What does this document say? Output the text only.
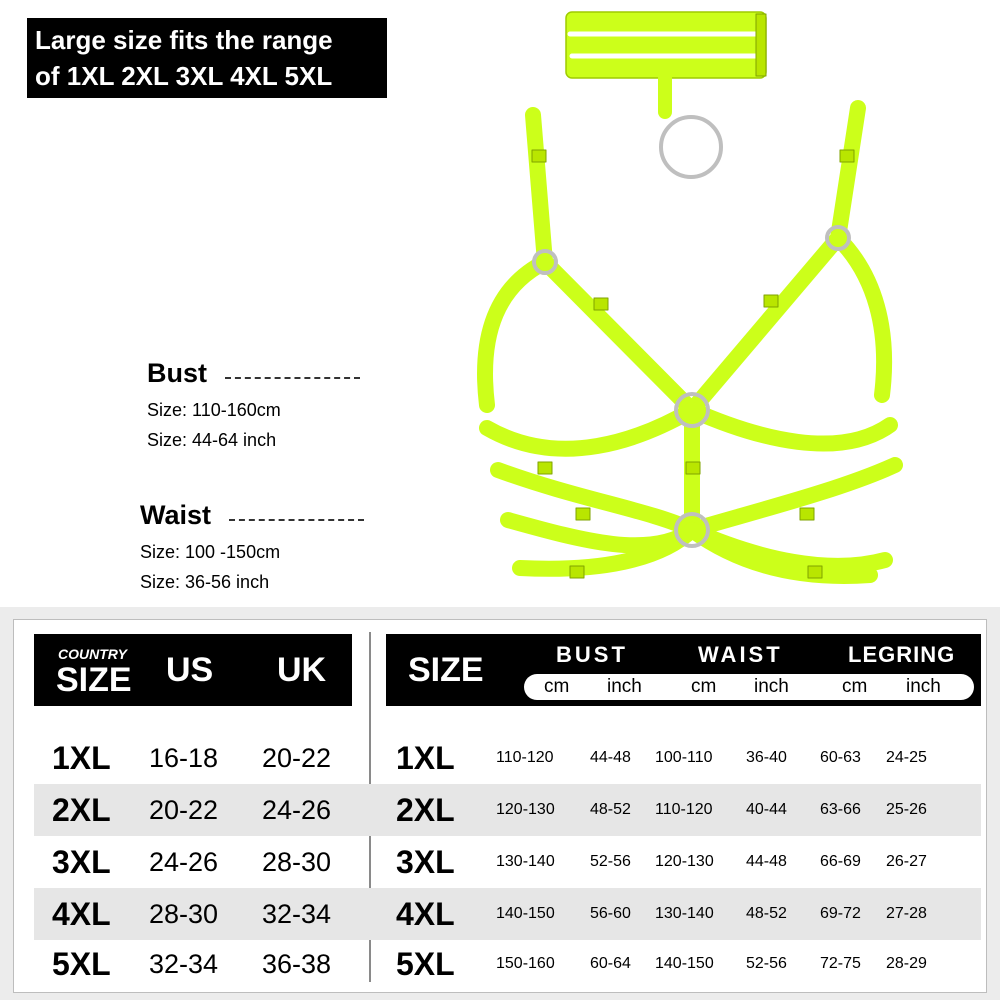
Large size fits the range
of 1XL 2XL 3XL 4XL 5XL
Bust
Size: 110-160cm
Size: 44-64 inch
Waist
Size: 100 -150cm
Size: 36-56 inch
COUNTRY
SIZE US UK SIZE	BUST	WAIST	LEGRING
cm inch	cm inch	cm inch
1XL 16-18 20-22 1XL	110-120 44-48 100-110 36-40 60-63 24-25
2XL 20-22 24-26 2XL	120-130 48-52 110-120 40-44 63-66 25-26
3XL 24-26 28-30 3XL	130-140 52-56 120-130 44-48 66-69 26-27
4XL 28-30 32-34 4XL	140-150 56-60 130-140 48-52 69-72 27-28
5XL 32-34 36-38 5XL	150-160 60-64 140-150 52-56 72-75 28-29
